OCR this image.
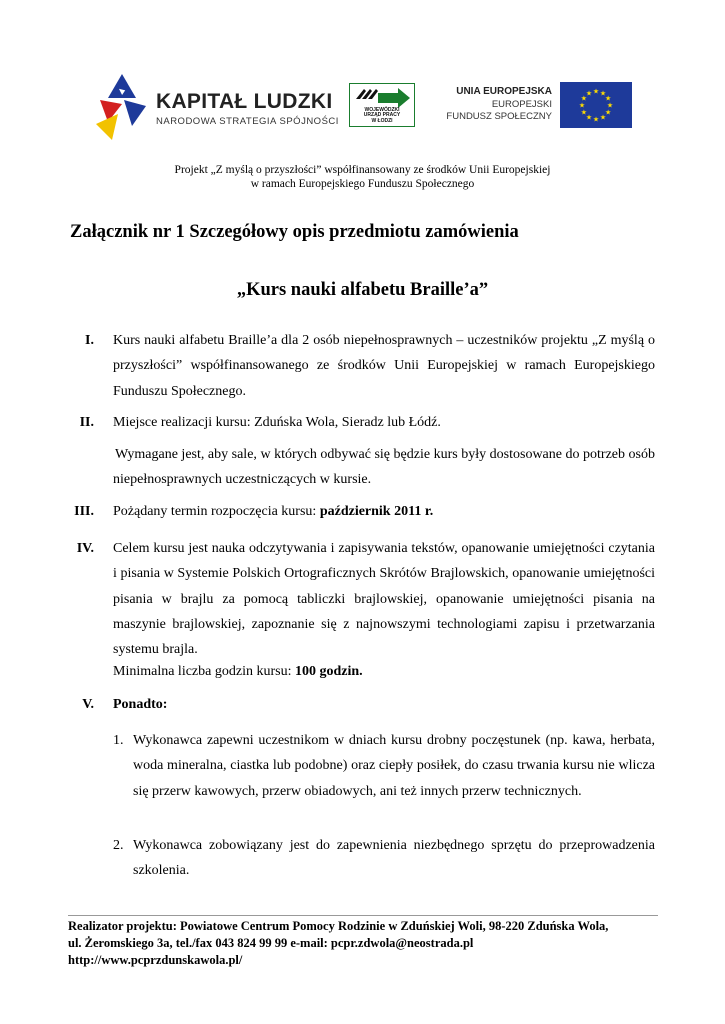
KAPITAŁ LUDZKI
NARODOWA STRATEGIA SPÓJNOŚCI
WOJEWÓDZKI
URZĄD PRACY
W ŁODZI
UNIA EUROPEJSKA
EUROPEJSKI
FUNDUSZ SPOŁECZNY
★ ★
★
★
★
★
★
★
★
★
★
★
Projekt „Z myślą o przyszłości” współfinansowany ze środków Unii Europejskiej
w ramach Europejskiego Funduszu Społecznego
Załącznik nr 1 Szczegółowy opis przedmiotu zamówienia
„Kurs nauki alfabetu Braille’a”
I. Kurs nauki alfabetu Braille’a dla 2 osób niepełnosprawnych – uczestników projektu „Z myślą o przyszłości” współfinansowanego ze środków Unii Europejskiej w ramach Europejskiego Funduszu Społecznego.
II. Miejsce realizacji kursu: Zduńska Wola, Sieradz lub Łódź.
Wymagane jest, aby sale, w których odbywać się będzie kurs były dostosowane do potrzeb osób niepełnosprawnych uczestniczących w kursie.
III. Pożądany termin rozpoczęcia kursu: październik 2011 r.
IV. Celem kursu jest nauka odczytywania i zapisywania tekstów, opanowanie umiejętności czytania i pisania w Systemie Polskich Ortograficznych Skrótów Brajlowskich, opanowanie umiejętności pisania w brajlu za pomocą tabliczki brajlowskiej, opanowanie umiejętności pisania na maszynie brajlowskiej, zapoznanie się z najnowszymi technologiami zapisu i przetwarzania systemu brajla.
Minimalna liczba godzin kursu: 100 godzin.
V. Ponadto:
1. Wykonawca zapewni uczestnikom w dniach kursu drobny poczęstunek (np. kawa, herbata, woda mineralna, ciastka lub podobne) oraz ciepły posiłek, do czasu trwania kursu nie wlicza się przerw kawowych, przerw obiadowych, ani też innych przerw technicznych.
2. Wykonawca zobowiązany jest do zapewnienia niezbędnego sprzętu do przeprowadzenia szkolenia.
Realizator projektu: Powiatowe Centrum Pomocy Rodzinie w Zduńskiej Woli, 98-220 Zduńska Wola,
ul. Żeromskiego 3a, tel./fax 043 824 99 99 e-mail: pcpr.zdwola@neostrada.pl
http://www.pcprzdunskawola.pl/
